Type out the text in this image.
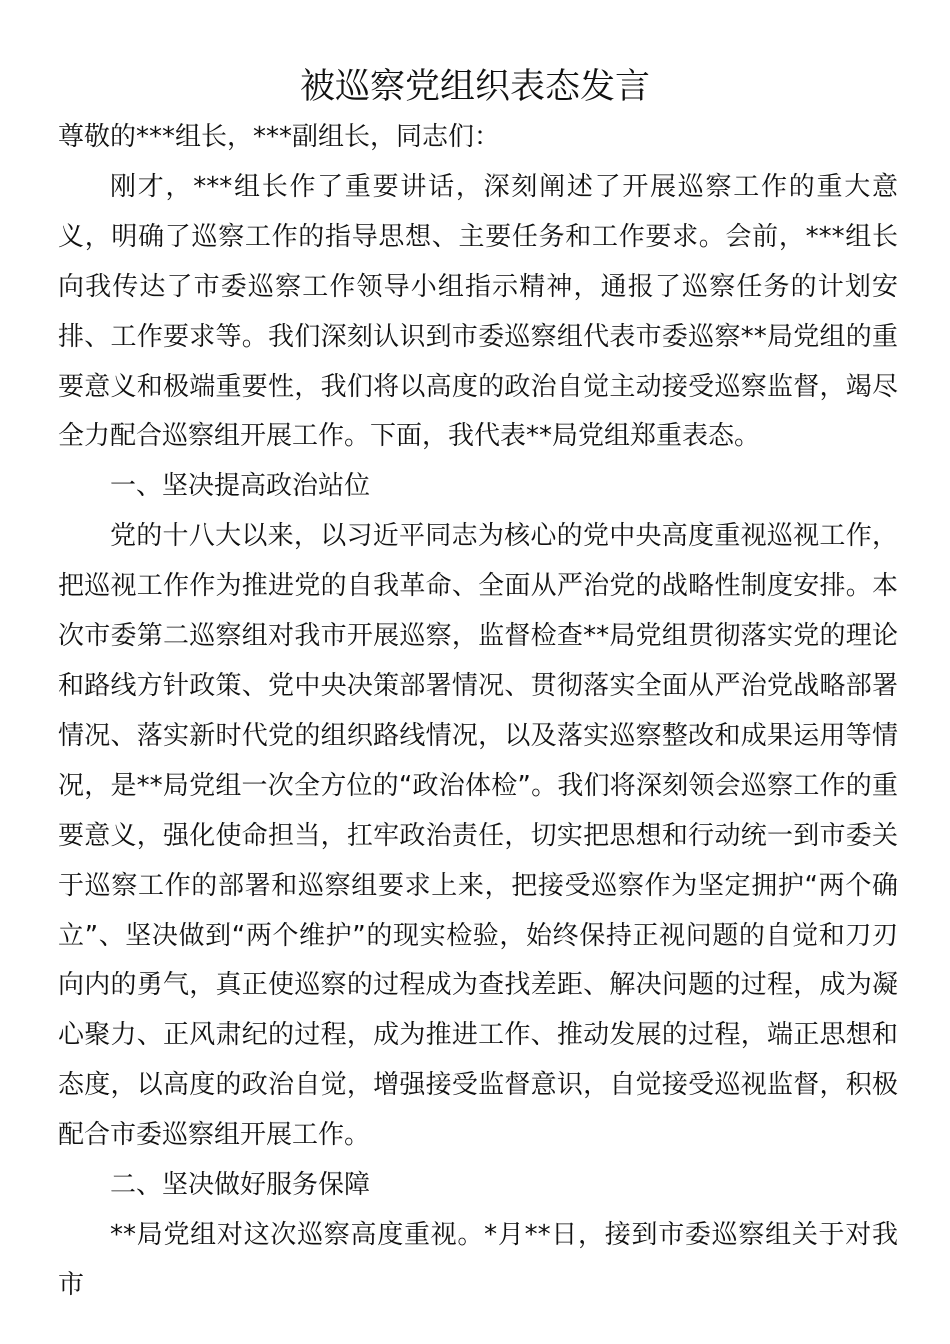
被巡察党组织表态发言

尊敬的***组长，***副组长，同志们：

刚才，***组长作了重要讲话，深刻阐述了开展巡察工作的重大意义，明确了巡察工作的指导思想、主要任务和工作要求。会前，***组长向我传达了市委巡察工作领导小组指示精神，通报了巡察任务的计划安排、工作要求等。我们深刻认识到市委巡察组代表市委巡察**局党组的重要意义和极端重要性，我们将以高度的政治自觉主动接受巡察监督，竭尽全力配合巡察组开展工作。下面，我代表**局党组郑重表态。

一、坚决提高政治站位

党的十八大以来，以习近平同志为核心的党中央高度重视巡视工作，把巡视工作作为推进党的自我革命、全面从严治党的战略性制度安排。本次市委第二巡察组对我市开展巡察，监督检查**局党组贯彻落实党的理论和路线方针政策、党中央决策部署情况、贯彻落实全面从严治党战略部署情况、落实新时代党的组织路线情况，以及落实巡察整改和成果运用等情况，是**局党组一次全方位的“政治体检”。我们将深刻领会巡察工作的重要意义，强化使命担当，扛牢政治责任，切实把思想和行动统一到市委关于巡察工作的部署和巡察组要求上来，把接受巡察作为坚定拥护“两个确立”、坚决做到“两个维护”的现实检验，始终保持正视问题的自觉和刀刃向内的勇气，真正使巡察的过程成为查找差距、解决问题的过程，成为凝心聚力、正风肃纪的过程，成为推进工作、推动发展的过程，端正思想和态度，以高度的政治自觉，增强接受监督意识，自觉接受巡视监督，积极配合市委巡察组开展工作。

二、坚决做好服务保障

**局党组对这次巡察高度重视。*月**日，接到市委巡察组关于对我市
